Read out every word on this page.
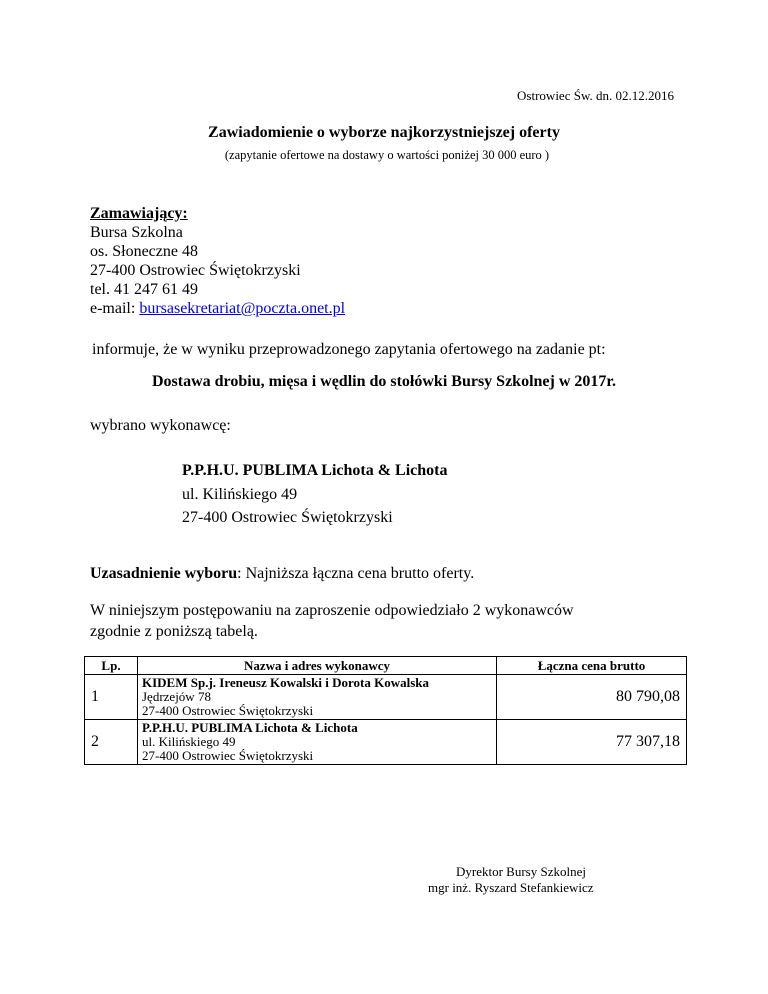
Ostrowiec Św. dn. 02.12.2016
Zawiadomienie o wyborze najkorzystniejszej oferty
(zapytanie ofertowe na dostawy o wartości poniżej 30 000 euro )
Zamawiający:
Bursa Szkolna
os. Słoneczne 48
27-400 Ostrowiec Świętokrzyski
tel. 41 247 61 49
e-mail: bursasekretariat@poczta.onet.pl
informuje, że w wyniku przeprowadzonego zapytania ofertowego na zadanie pt:
Dostawa drobiu, mięsa i wędlin do stołówki Bursy Szkolnej w 2017r.
wybrano wykonawcę:
P.P.H.U. PUBLIMA Lichota & Lichota
ul. Kilińskiego 49
27-400 Ostrowiec Świętokrzyski
Uzasadnienie wyboru: Najniższa łączna cena brutto oferty.
W niniejszym postępowaniu na zaproszenie odpowiedziało 2 wykonawców
zgodnie z poniższą tabelą.
Lp.	Nazwa i adres wykonawcy	Łączna cena brutto
1	KIDEM Sp.j. Ireneusz Kowalski i Dorota Kowalska
Jędrzejów 78
27-400 Ostrowiec Świętokrzyski	80 790,08
2	P.P.H.U. PUBLIMA Lichota & Lichota
ul. Kilińskiego 49
27-400 Ostrowiec Świętokrzyski	77 307,18
Dyrektor Bursy Szkolnej
mgr inż. Ryszard Stefankiewicz
